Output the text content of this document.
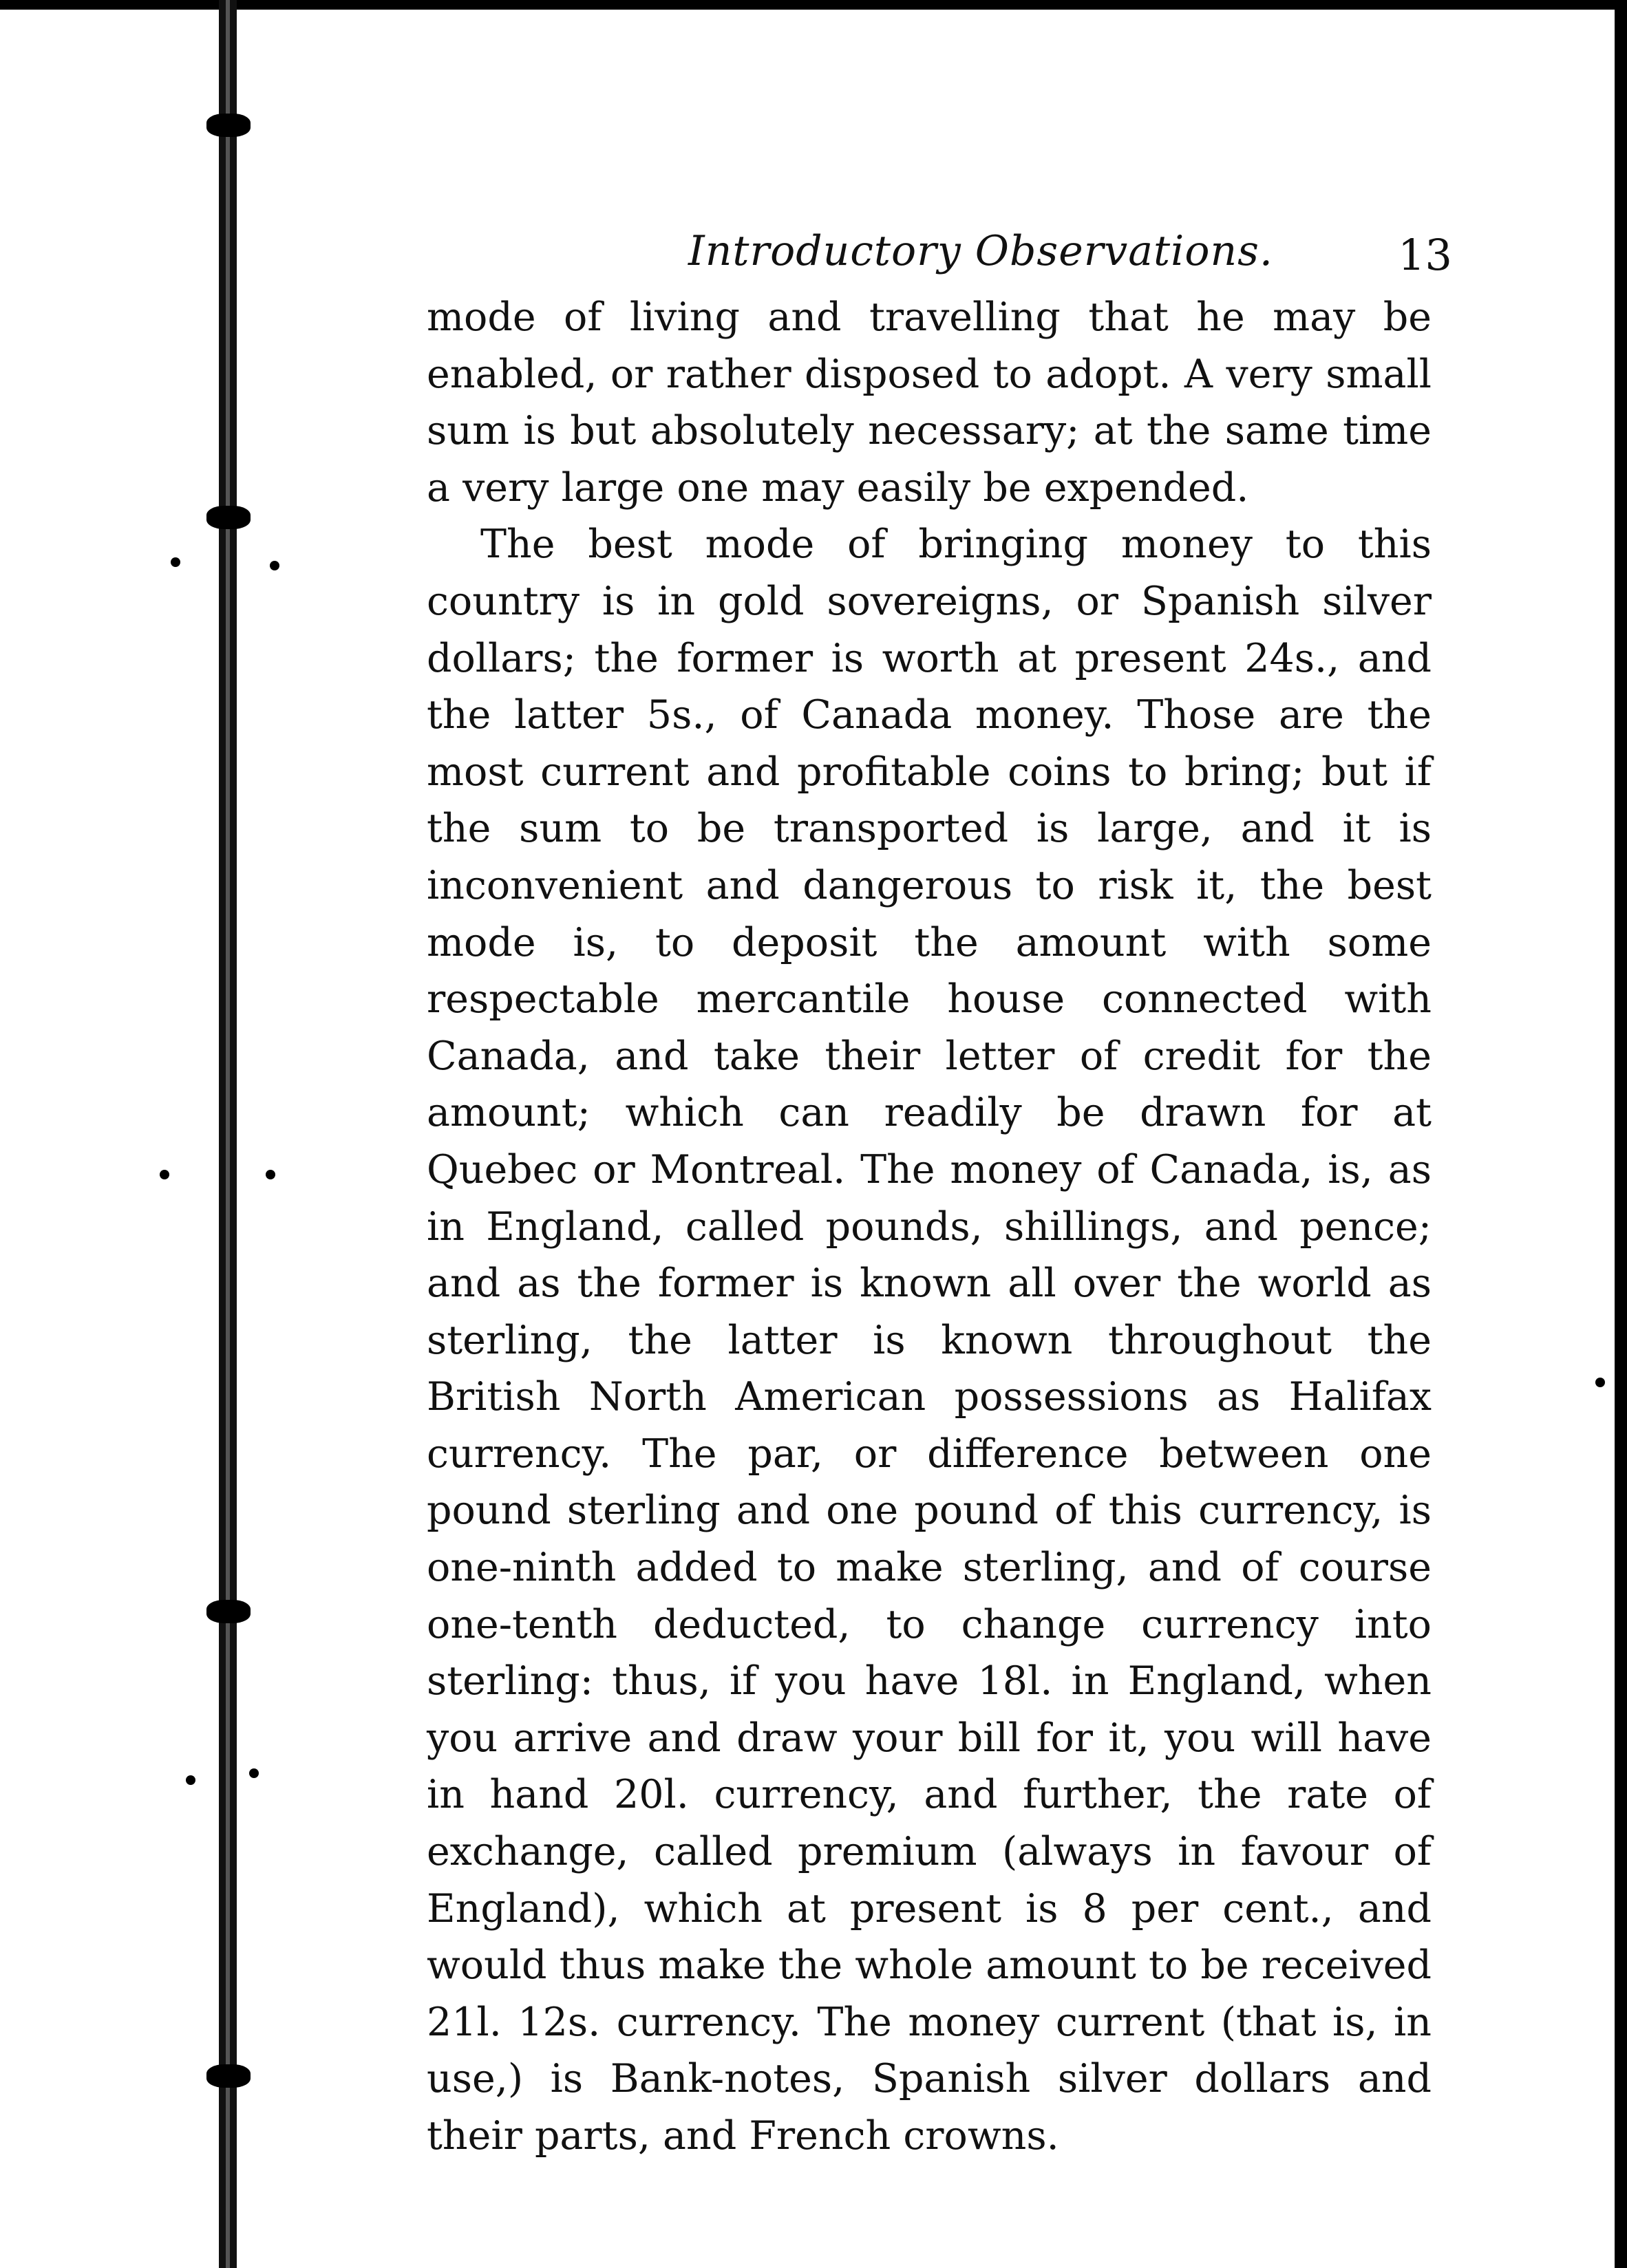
Introductory Observations.	13

mode of living and travelling that he may be enabled, or rather disposed to adopt. A very small sum is but absolutely necessary; at the same time a very large one may easily be expended.

The best mode of bringing money to this country is in gold sovereigns, or Spanish silver dollars; the former is worth at present 24s., and the latter 5s., of Canada money. Those are the most current and profitable coins to bring; but if the sum to be transported is large, and it is inconvenient and dangerous to risk it, the best mode is, to deposit the amount with some respectable mercantile house connected with Canada, and take their letter of credit for the amount; which can readily be drawn for at Quebec or Montreal. The money of Canada, is, as in England, called pounds, shillings, and pence; and as the former is known all over the world as sterling, the latter is known throughout the British North American possessions as Halifax currency. The par, or difference between one pound sterling and one pound of this currency, is one-ninth added to make sterling, and of course one-tenth deducted, to change currency into sterling: thus, if you have 18l. in England, when you arrive and draw your bill for it, you will have in hand 20l. currency, and further, the rate of exchange, called premium (always in favour of England), which at present is 8 per cent., and would thus make the whole amount to be received 21l. 12s. currency. The money current (that is, in use,) is Bank-notes, Spanish silver dollars and their parts, and French crowns.
